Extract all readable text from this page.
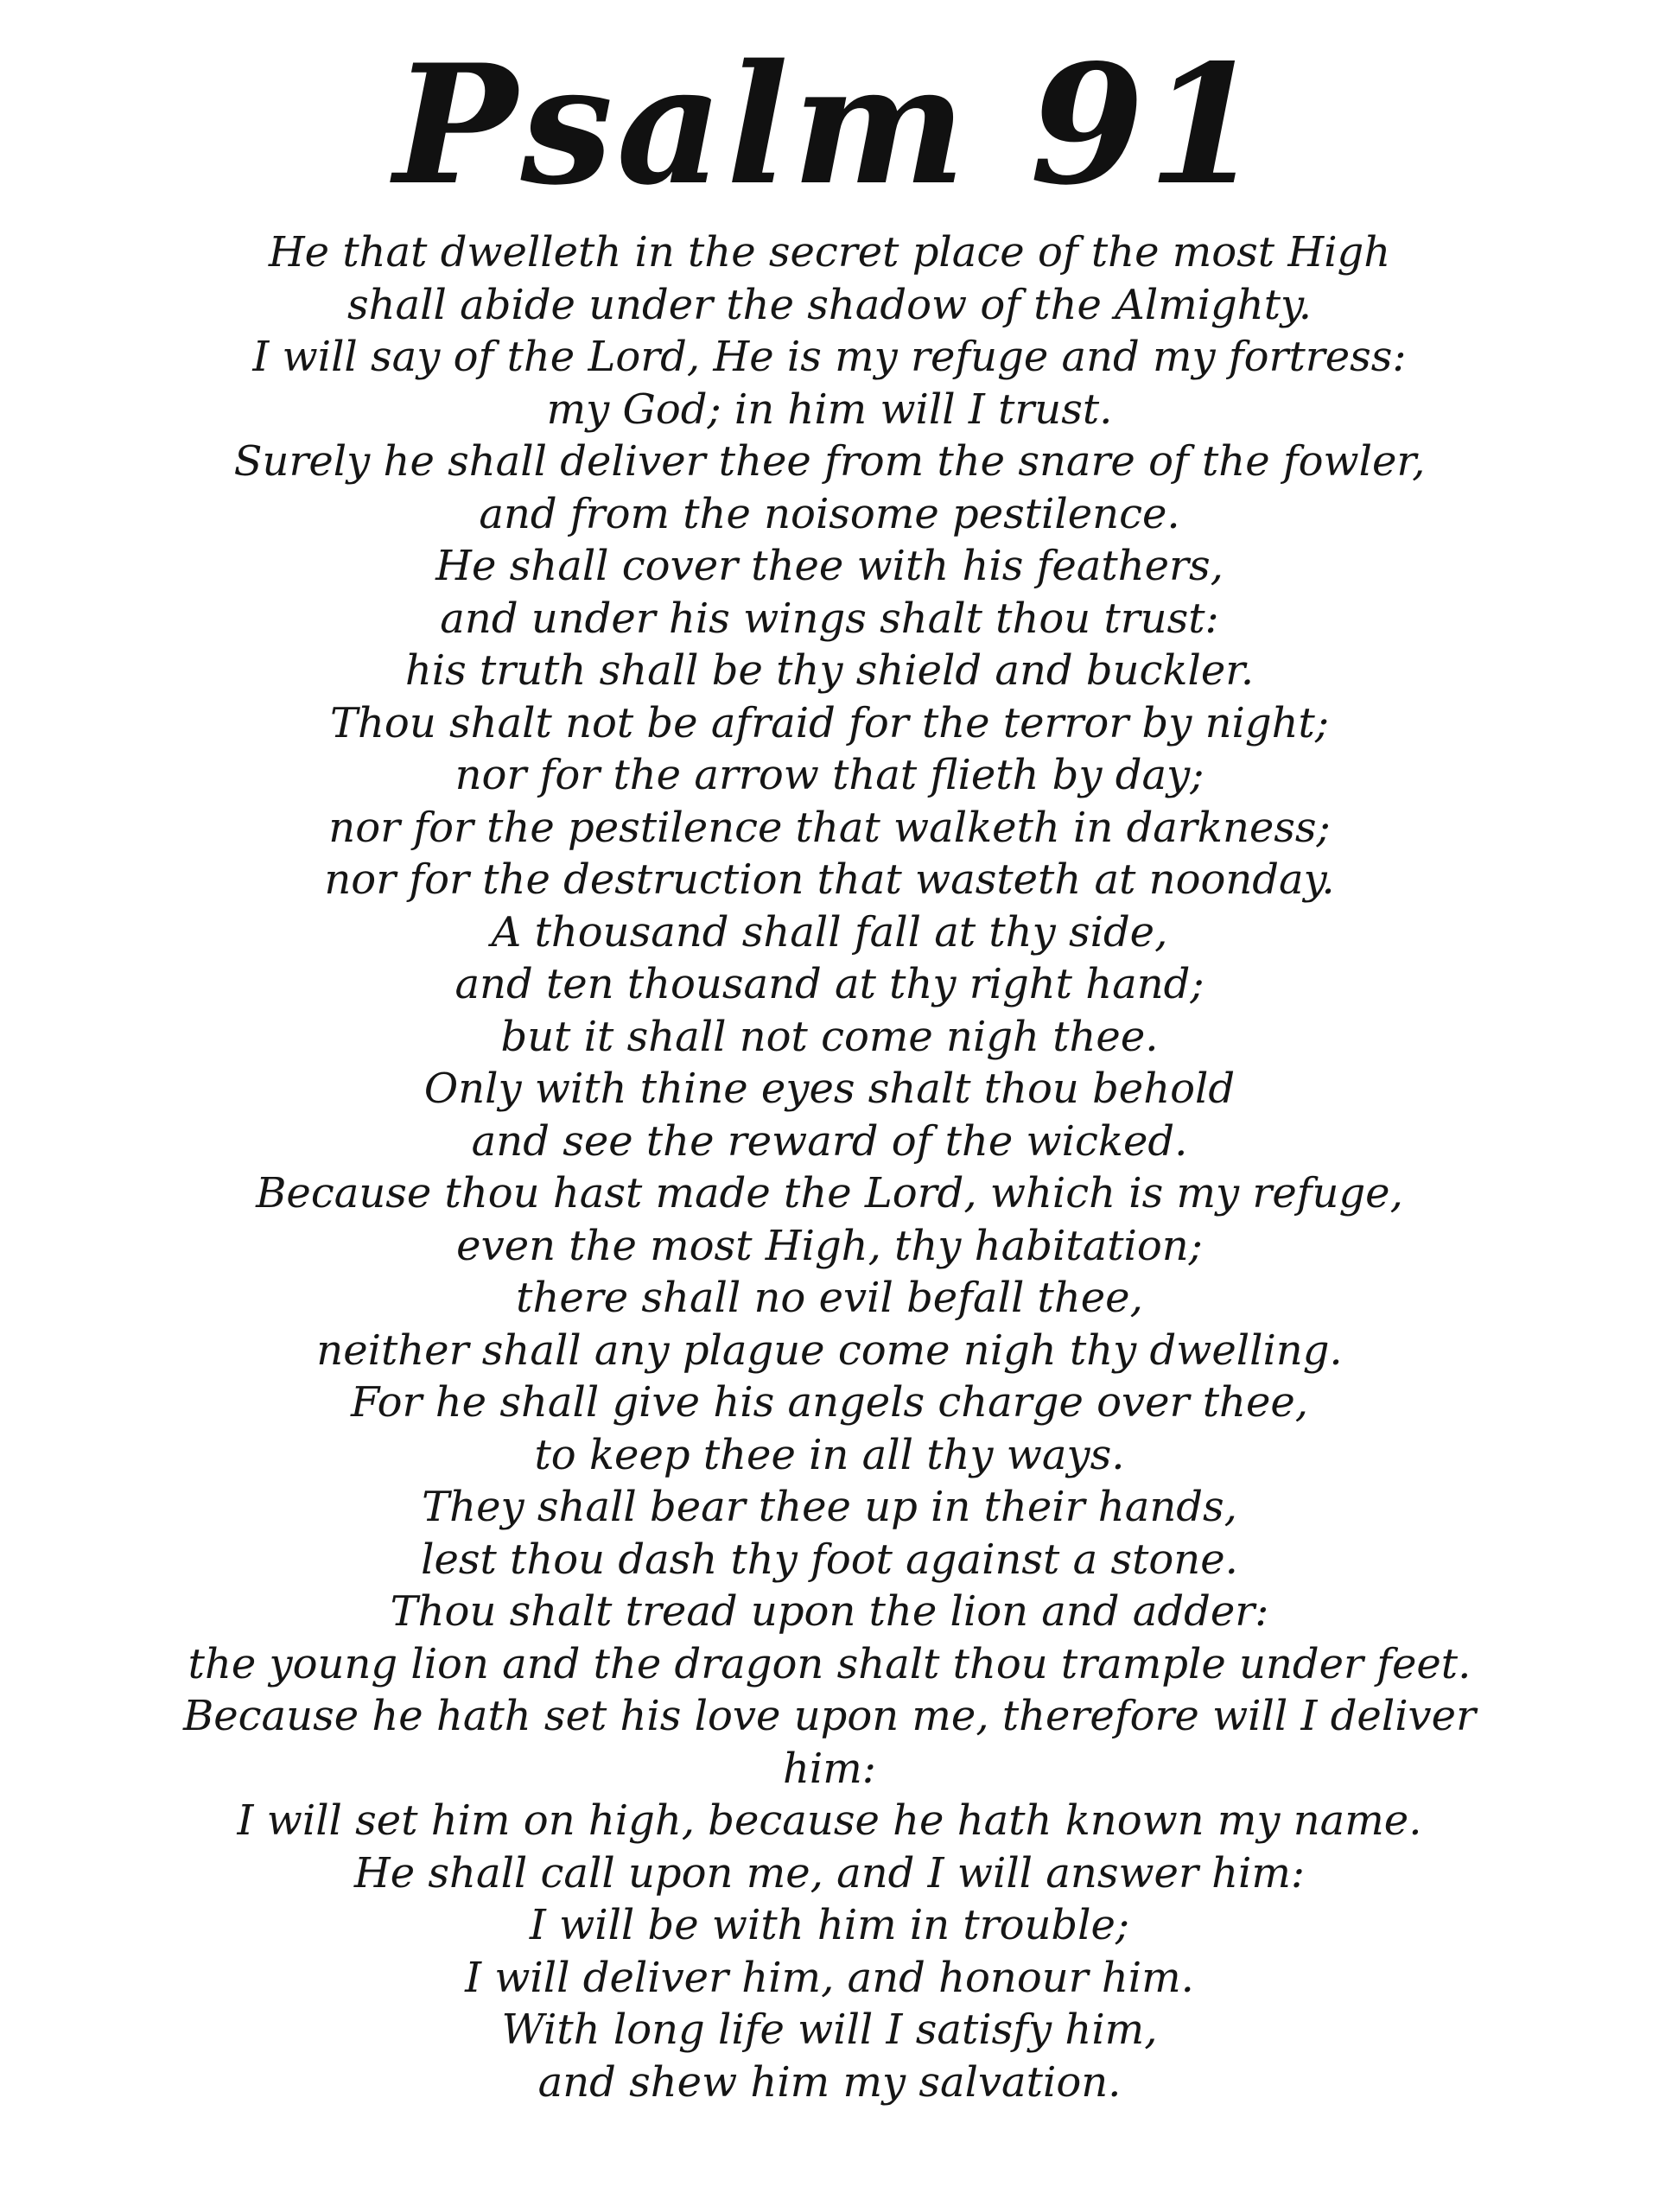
Psalm 91
He that dwelleth in the secret place of the most High
shall abide under the shadow of the Almighty.
I will say of the Lord, He is my refuge and my fortress:
my God; in him will I trust.
Surely he shall deliver thee from the snare of the fowler,
and from the noisome pestilence.
He shall cover thee with his feathers,
and under his wings shalt thou trust:
his truth shall be thy shield and buckler.
Thou shalt not be afraid for the terror by night;
nor for the arrow that flieth by day;
nor for the pestilence that walketh in darkness;
nor for the destruction that wasteth at noonday.
A thousand shall fall at thy side,
and ten thousand at thy right hand;
but it shall not come nigh thee.
Only with thine eyes shalt thou behold
and see the reward of the wicked.
Because thou hast made the Lord, which is my refuge,
even the most High, thy habitation;
there shall no evil befall thee,
neither shall any plague come nigh thy dwelling.
For he shall give his angels charge over thee,
to keep thee in all thy ways.
They shall bear thee up in their hands,
lest thou dash thy foot against a stone.
Thou shalt tread upon the lion and adder:
the young lion and the dragon shalt thou trample under feet.
Because he hath set his love upon me, therefore will I deliver
him:
I will set him on high, because he hath known my name.
He shall call upon me, and I will answer him:
I will be with him in trouble;
I will deliver him, and honour him.
With long life will I satisfy him,
and shew him my salvation.
